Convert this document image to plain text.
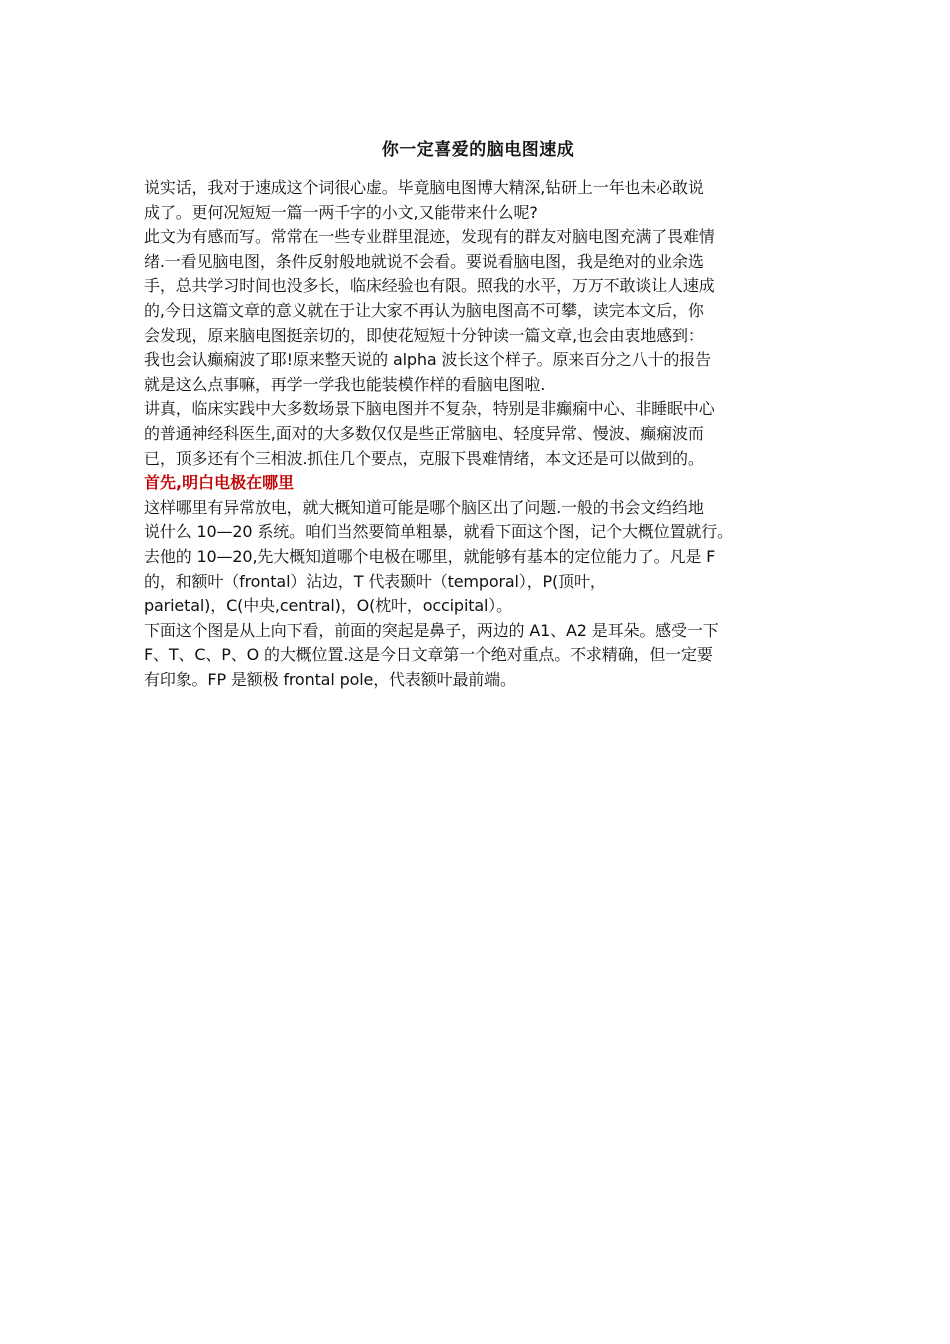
你一定喜爱的脑电图速成
说实话，我对于速成这个词很心虚。毕竟脑电图博大精深,钻研上一年也未必敢说
成了。更何况短短一篇一两千字的小文,又能带来什么呢?
此文为有感而写。常常在一些专业群里混迹，发现有的群友对脑电图充满了畏难情
绪.一看见脑电图，条件反射般地就说不会看。要说看脑电图，我是绝对的业余选
手，总共学习时间也没多长，临床经验也有限。照我的水平，万万不敢谈让人速成
的,今日这篇文章的意义就在于让大家不再认为脑电图高不可攀，读完本文后，你
会发现，原来脑电图挺亲切的，即使花短短十分钟读一篇文章,也会由衷地感到：
我也会认癫痫波了耶!原来整天说的 alpha 波长这个样子。原来百分之八十的报告
就是这么点事嘛，再学一学我也能装模作样的看脑电图啦.
讲真，临床实践中大多数场景下脑电图并不复杂，特别是非癫痫中心、非睡眠中心
的普通神经科医生,面对的大多数仅仅是些正常脑电、轻度异常、慢波、癫痫波而
已，顶多还有个三相波.抓住几个要点，克服下畏难情绪，本文还是可以做到的。
首先,明白电极在哪里
这样哪里有异常放电，就大概知道可能是哪个脑区出了问题.一般的书会文绉绉地
说什么 10—20 系统。咱们当然要简单粗暴，就看下面这个图，记个大概位置就行。
去他的 10—20,先大概知道哪个电极在哪里，就能够有基本的定位能力了。凡是 F
的，和额叶（frontal）沾边，T 代表颞叶（temporal），P(顶叶，
parietal)，C(中央,central)，O(枕叶，occipital）。
下面这个图是从上向下看，前面的突起是鼻子，两边的 A1、A2 是耳朵。感受一下
F、T、C、P、O 的大概位置.这是今日文章第一个绝对重点。不求精确，但一定要
有印象。FP 是额极 frontal pole，代表额叶最前端。
